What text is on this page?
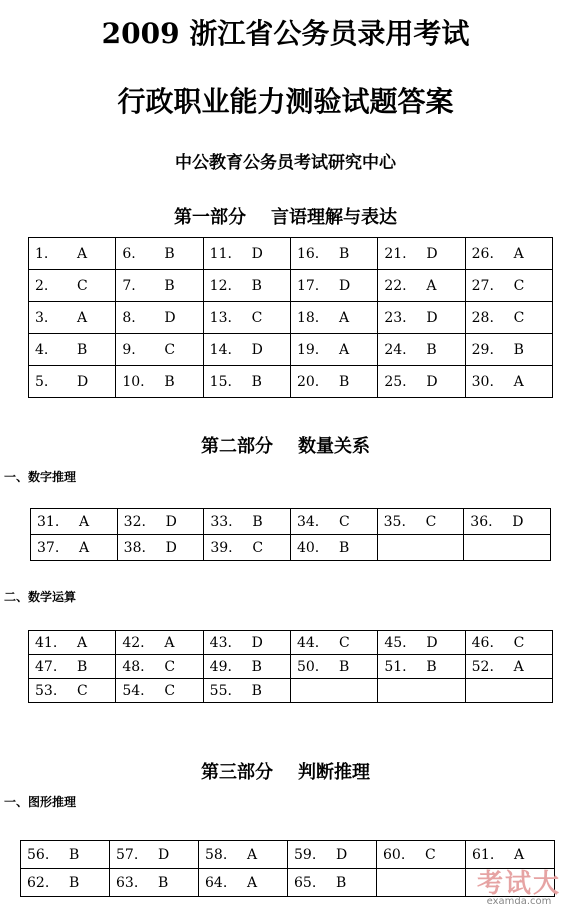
2009 浙江省公务员录用考试
行政职业能力测验试题答案
中公教育公务员考试研究中心
第一部分    言语理解与表达
1. A	6. B	11. D	16. B	21. D	26. A
2. C	7. B	12. B	17. D	22. A	27. C
3. A	8. D	13. C	18. A	23. D	28. C
4. B	9. C	14. D	19. A	24. B	29. B
5. D	10. B	15. B	20. B	25. D	30. A
第二部分    数量关系
一、数字推理
31. A	32. D	33. B	34. C	35. C	36. D
37. A	38. D	39. C	40. B		
二、数学运算
41. A	42. A	43. D	44. C	45. D	46. C
47. B	48. C	49. B	50. B	51. B	52. A
53. C	54. C	55. B			
第三部分    判断推理
一、图形推理
56. B	57. D	58. A	59. D	60. C	61. A
62. B	63. B	64. A	65. B			考试大
examda.com
